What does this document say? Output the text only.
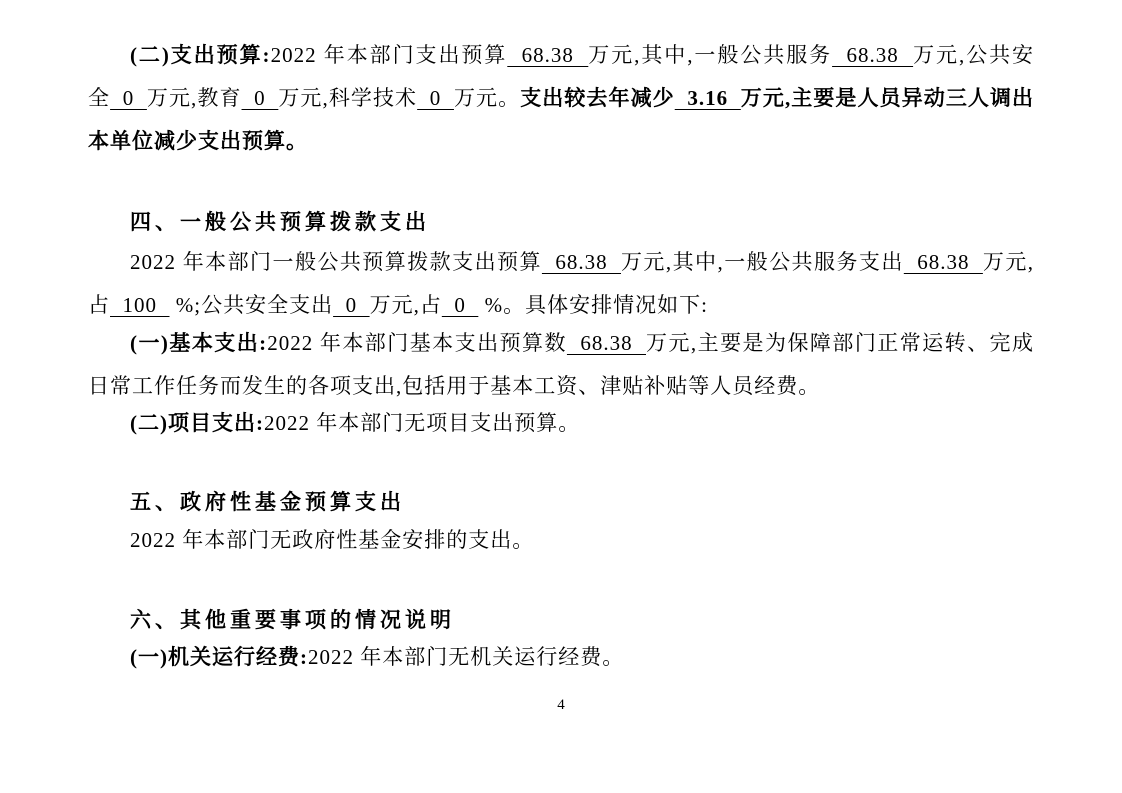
(二)支出预算:2022 年本部门支出预算  68.38  万元,其中,一般公共服务  68.38  万元,公共安全  0  万元,教育  0  万元,科学技术  0  万元。支出较去年减少  3.16  万元,主要是人员异动三人调出本单位减少支出预算。

四、一般公共预算拨款支出

2022 年本部门一般公共预算拨款支出预算  68.38  万元,其中,一般公共服务支出  68.38  万元,占  100   %;公共安全支出  0  万元,占  0   %。具体安排情况如下:

(一)基本支出:2022 年本部门基本支出预算数  68.38  万元,主要是为保障部门正常运转、完成日常工作任务而发生的各项支出,包括用于基本工资、津贴补贴等人员经费。

(二)项目支出:2022 年本部门无项目支出预算。

五、政府性基金预算支出

2022 年本部门无政府性基金安排的支出。

六、其他重要事项的情况说明

(一)机关运行经费:2022 年本部门无机关运行经费。

4
